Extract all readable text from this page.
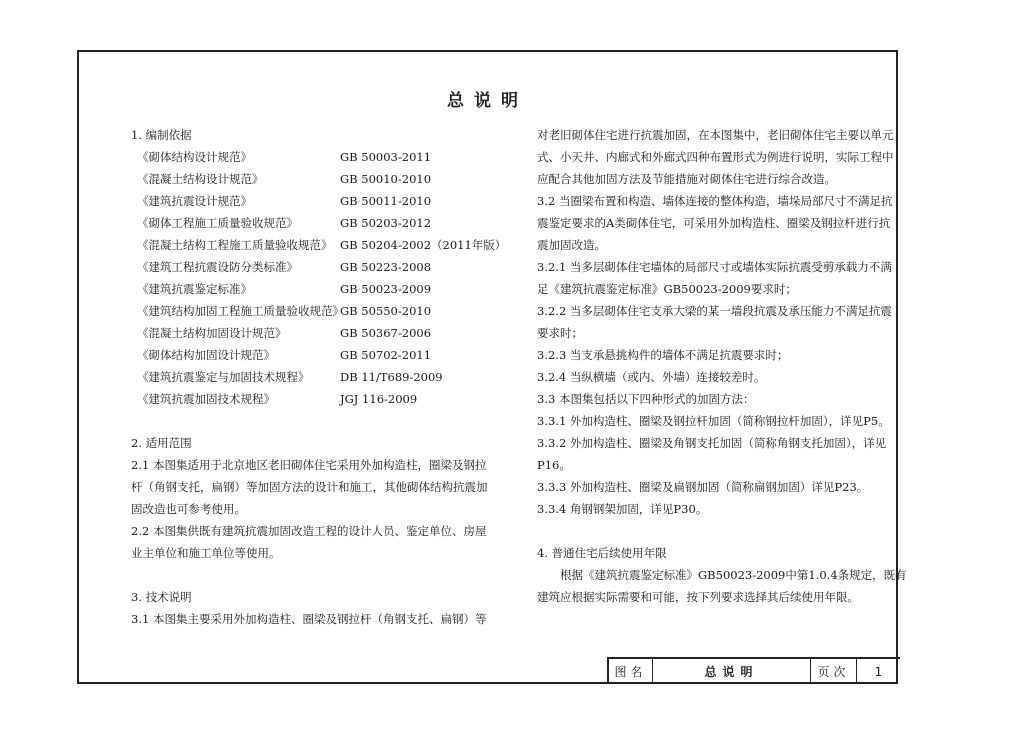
总说明
1. 编制依据
《砌体结构设计规范》	GB 50003-2011
《混凝土结构设计规范》	GB 50010-2010
《建筑抗震设计规范》	GB 50011-2010
《砌体工程施工质量验收规范》	GB 50203-2012
《混凝土结构工程施工质量验收规范》 GB 50204-2002（2011年版）
《建筑工程抗震设防分类标准》	GB 50223-2008
《建筑抗震鉴定标准》	GB 50023-2009
《建筑结构加固工程施工质量验收规范》
GB 50550-2010
《混凝土结构加固设计规范》	GB 50367-2006
《砌体结构加固设计规范》	GB 50702-2011
《建筑抗震鉴定与加固技术规程》	DB 11/T689-2009
《建筑抗震加固技术规程》	JGJ 116-2009
2. 适用范围
2.1 本图集适用于北京地区老旧砌体住宅采用外加构造柱，圈梁及钢拉
杆（角钢支托，扁钢）等加固方法的设计和施工，其他砌体结构抗震加
固改造也可参考使用。
2.2 本图集供既有建筑抗震加固改造工程的设计人员、鉴定单位、房屋
业主单位和施工单位等使用。
3. 技术说明
3.1 本图集主要采用外加构造柱、圈梁及钢拉杆（角钢支托、扁钢）等
对老旧砌体住宅进行抗震加固，在本图集中，老旧砌体住宅主要以单元
式、小天井、内廊式和外廊式四种布置形式为例进行说明，实际工程中
应配合其他加固方法及节能措施对砌体住宅进行综合改造。
3.2 当圈梁布置和构造、墙体连接的整体构造，墙垛局部尺寸不满足抗
震鉴定要求的A类砌体住宅，可采用外加构造柱、圈梁及钢拉杆进行抗
震加固改造。
3.2.1 当多层砌体住宅墙体的局部尺寸或墙体实际抗震受剪承载力不满
足《建筑抗震鉴定标准》GB50023-2009要求时；
3.2.2 当多层砌体住宅支承大梁的某一墙段抗震及承压能力不满足抗震
要求时；
3.2.3 当支承悬挑构件的墙体不满足抗震要求时；
3.2.4 当纵横墙（或内、外墙）连接较差时。
3.3 本图集包括以下四种形式的加固方法：
3.3.1 外加构造柱、圈梁及钢拉杆加固（简称钢拉杆加固），详见P5。
3.3.2 外加构造柱、圈梁及角钢支托加固（简称角钢支托加固），详见
P16。
3.3.3 外加构造柱、圈梁及扁钢加固（简称扁钢加固）详见P23。
3.3.4 角钢钢架加固，详见P30。
4. 普通住宅后续使用年限
根据《建筑抗震鉴定标准》GB50023-2009中第1.0.4条规定，既有
建筑应根据实际需要和可能，按下列要求选择其后续使用年限。
图名	总说明	页次	1
